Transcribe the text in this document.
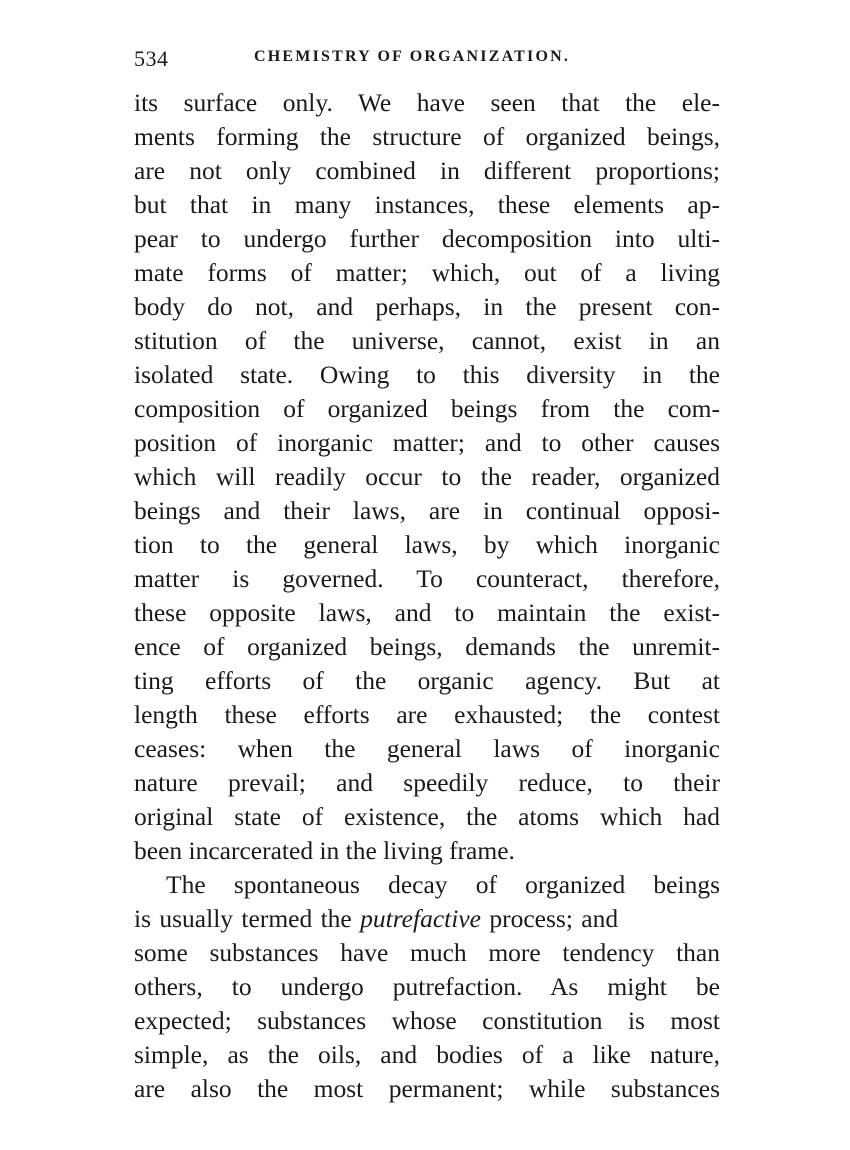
534	CHEMISTRY OF ORGANIZATION.
its surface only. We have seen that the ele-
ments forming the structure of organized beings,
are not only combined in different proportions;
but that in many instances, these elements ap-
pear to undergo further decomposition into ulti-
mate forms of matter; which, out of a living
body do not, and perhaps, in the present con-
stitution of the universe, cannot, exist in an
isolated state. Owing to this diversity in the
composition of organized beings from the com-
position of inorganic matter; and to other causes
which will readily occur to the reader, organized
beings and their laws, are in continual opposi-
tion to the general laws, by which inorganic
matter is governed. To counteract, therefore,
these opposite laws, and to maintain the exist-
ence of organized beings, demands the unremit-
ting efforts of the organic agency. But at
length these efforts are exhausted; the contest
ceases: when the general laws of inorganic
nature prevail; and speedily reduce, to their
original state of existence, the atoms which had
been incarcerated in the living frame.
The spontaneous decay of organized beings
is usually termed the putrefactive process; and
some substances have much more tendency than
others, to undergo putrefaction. As might be
expected; substances whose constitution is most
simple, as the oils, and bodies of a like nature,
are also the most permanent; while substances
